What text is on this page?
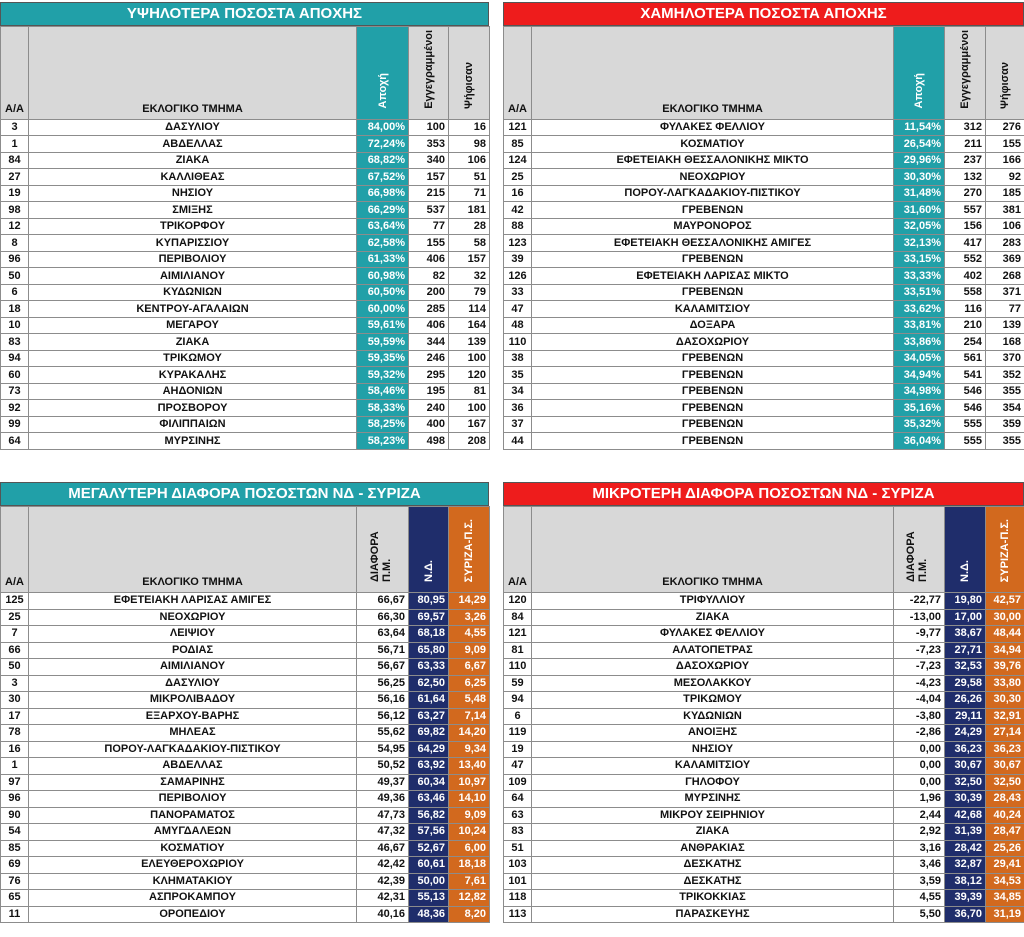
ΥΨΗΛΟΤΕΡΑ ΠΟΣΟΣΤΑ ΑΠΟΧΗΣ
Α/Α	ΕΚΛΟΓΙΚΟ ΤΜΗΜΑ	Αποχή	Εγγεγραμμένοι	Ψήφισαν
3	ΔΑΣΥΛΙΟΥ	84,00%	100	16
1	ΑΒΔΕΛΛΑΣ	72,24%	353	98
84	ΖΙΑΚΑ	68,82%	340	106
27	ΚΑΛΛΙΘΕΑΣ	67,52%	157	51
19	ΝΗΣΙΟΥ	66,98%	215	71
98	ΣΜΙΞΗΣ	66,29%	537	181
12	ΤΡΙΚΟΡΦΟΥ	63,64%	77	28
8	ΚΥΠΑΡΙΣΣΙΟΥ	62,58%	155	58
96	ΠΕΡΙΒΟΛΙΟΥ	61,33%	406	157
50	ΑΙΜΙΛΙΑΝΟΥ	60,98%	82	32
6	ΚΥΔΩΝΙΩΝ	60,50%	200	79
18	ΚΕΝΤΡΟΥ-ΑΓΑΛΑΙΩΝ	60,00%	285	114
10	ΜΕΓΑΡΟΥ	59,61%	406	164
83	ΖΙΑΚΑ	59,59%	344	139
94	ΤΡΙΚΩΜΟΥ	59,35%	246	100
60	ΚΥΡΑΚΑΛΗΣ	59,32%	295	120
73	ΑΗΔΟΝΙΩΝ	58,46%	195	81
92	ΠΡΟΣΒΟΡΟΥ	58,33%	240	100
99	ΦΙΛΙΠΠΑΙΩΝ	58,25%	400	167
64	ΜΥΡΣΙΝΗΣ	58,23%	498	208
ΧΑΜΗΛΟΤΕΡΑ ΠΟΣΟΣΤΑ ΑΠΟΧΗΣ
Α/Α	ΕΚΛΟΓΙΚΟ ΤΜΗΜΑ	Αποχή	Εγγεγραμμένοι	Ψήφισαν
121	ΦΥΛΑΚΕΣ ΦΕΛΛΙΟΥ	11,54%	312	276
85	ΚΟΣΜΑΤΙΟΥ	26,54%	211	155
124	ΕΦΕΤΕΙΑΚΗ ΘΕΣΣΑΛΟΝΙΚΗΣ ΜΙΚΤΟ	29,96%	237	166
25	ΝΕΟΧΩΡΙΟΥ	30,30%	132	92
16	ΠΟΡΟΥ-ΛΑΓΚΑΔΑΚΙΟΥ-ΠΙΣΤΙΚΟΥ	31,48%	270	185
42	ΓΡΕΒΕΝΩΝ	31,60%	557	381
88	ΜΑΥΡΟΝΟΡΟΣ	32,05%	156	106
123	ΕΦΕΤΕΙΑΚΗ ΘΕΣΣΑΛΟΝΙΚΗΣ ΑΜΙΓΕΣ	32,13%	417	283
39	ΓΡΕΒΕΝΩΝ	33,15%	552	369
126	ΕΦΕΤΕΙΑΚΗ ΛΑΡΙΣΑΣ ΜΙΚΤΟ	33,33%	402	268
33	ΓΡΕΒΕΝΩΝ	33,51%	558	371
47	ΚΑΛΑΜΙΤΣΙΟΥ	33,62%	116	77
48	ΔΟΞΑΡΑ	33,81%	210	139
110	ΔΑΣΟΧΩΡΙΟΥ	33,86%	254	168
38	ΓΡΕΒΕΝΩΝ	34,05%	561	370
35	ΓΡΕΒΕΝΩΝ	34,94%	541	352
34	ΓΡΕΒΕΝΩΝ	34,98%	546	355
36	ΓΡΕΒΕΝΩΝ	35,16%	546	354
37	ΓΡΕΒΕΝΩΝ	35,32%	555	359
44	ΓΡΕΒΕΝΩΝ	36,04%	555	355
ΜΕΓΑΛΥΤΕΡΗ ΔΙΑΦΟΡΑ ΠΟΣΟΣΤΩΝ ΝΔ - ΣΥΡΙΖΑ
Α/Α	ΕΚΛΟΓΙΚΟ ΤΜΗΜΑ	ΔΙΑΦΟΡΑ Π.Μ.	Ν.Δ.	ΣΥΡΙΖΑ-Π.Σ.
125	ΕΦΕΤΕΙΑΚΗ ΛΑΡΙΣΑΣ ΑΜΙΓΕΣ	66,67	80,95	14,29
25	ΝΕΟΧΩΡΙΟΥ	66,30	69,57	3,26
7	ΛΕΙΨΙΟΥ	63,64	68,18	4,55
66	ΡΟΔΙΑΣ	56,71	65,80	9,09
50	ΑΙΜΙΛΙΑΝΟΥ	56,67	63,33	6,67
3	ΔΑΣΥΛΙΟΥ	56,25	62,50	6,25
30	ΜΙΚΡΟΛΙΒΑΔΟΥ	56,16	61,64	5,48
17	ΕΞΑΡΧΟΥ-ΒΑΡΗΣ	56,12	63,27	7,14
78	ΜΗΛΕΑΣ	55,62	69,82	14,20
16	ΠΟΡΟΥ-ΛΑΓΚΑΔΑΚΙΟΥ-ΠΙΣΤΙΚΟΥ	54,95	64,29	9,34
1	ΑΒΔΕΛΛΑΣ	50,52	63,92	13,40
97	ΣΑΜΑΡΙΝΗΣ	49,37	60,34	10,97
96	ΠΕΡΙΒΟΛΙΟΥ	49,36	63,46	14,10
90	ΠΑΝΟΡΑΜΑΤΟΣ	47,73	56,82	9,09
54	ΑΜΥΓΔΑΛΕΩΝ	47,32	57,56	10,24
85	ΚΟΣΜΑΤΙΟΥ	46,67	52,67	6,00
69	ΕΛΕΥΘΕΡΟΧΩΡΙΟΥ	42,42	60,61	18,18
76	ΚΛΗΜΑΤΑΚΙΟΥ	42,39	50,00	7,61
65	ΑΣΠΡΟΚΑΜΠΟΥ	42,31	55,13	12,82
11	ΟΡΟΠΕΔΙΟΥ	40,16	48,36	8,20
ΜΙΚΡΟΤΕΡΗ ΔΙΑΦΟΡΑ ΠΟΣΟΣΤΩΝ ΝΔ - ΣΥΡΙΖΑ
Α/Α	ΕΚΛΟΓΙΚΟ ΤΜΗΜΑ	ΔΙΑΦΟΡΑ Π.Μ.	Ν.Δ.	ΣΥΡΙΖΑ-Π.Σ.
120	ΤΡΙΦΥΛΛΙΟΥ	-22,77	19,80	42,57
84	ΖΙΑΚΑ	-13,00	17,00	30,00
121	ΦΥΛΑΚΕΣ ΦΕΛΛΙΟΥ	-9,77	38,67	48,44
81	ΑΛΑΤΟΠΕΤΡΑΣ	-7,23	27,71	34,94
110	ΔΑΣΟΧΩΡΙΟΥ	-7,23	32,53	39,76
59	ΜΕΣΟΛΑΚΚΟΥ	-4,23	29,58	33,80
94	ΤΡΙΚΩΜΟΥ	-4,04	26,26	30,30
6	ΚΥΔΩΝΙΩΝ	-3,80	29,11	32,91
119	ΑΝΟΙΞΗΣ	-2,86	24,29	27,14
19	ΝΗΣΙΟΥ	0,00	36,23	36,23
47	ΚΑΛΑΜΙΤΣΙΟΥ	0,00	30,67	30,67
109	ΓΗΛΟΦΟΥ	0,00	32,50	32,50
64	ΜΥΡΣΙΝΗΣ	1,96	30,39	28,43
63	ΜΙΚΡΟΥ ΣΕΙΡΗΝΙΟΥ	2,44	42,68	40,24
83	ΖΙΑΚΑ	2,92	31,39	28,47
51	ΑΝΘΡΑΚΙΑΣ	3,16	28,42	25,26
103	ΔΕΣΚΑΤΗΣ	3,46	32,87	29,41
101	ΔΕΣΚΑΤΗΣ	3,59	38,12	34,53
118	ΤΡΙΚΟΚΚΙΑΣ	4,55	39,39	34,85
113	ΠΑΡΑΣΚΕΥΗΣ	5,50	36,70	31,19
